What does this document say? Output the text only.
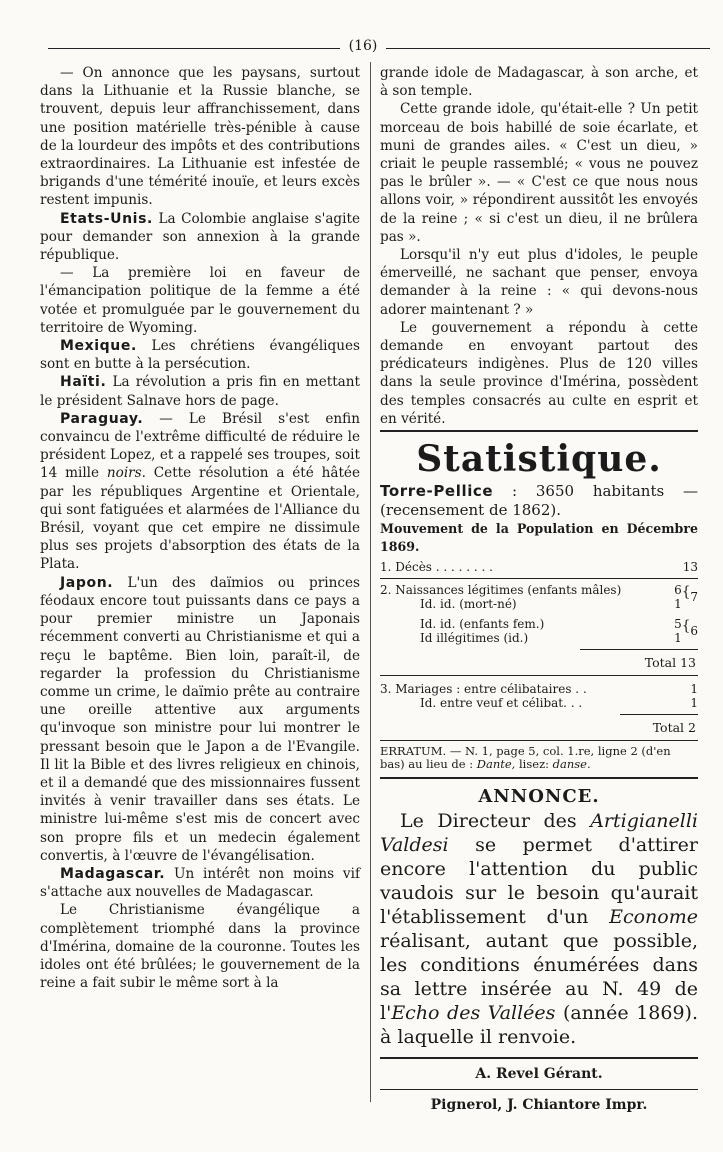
(16)

— On annonce que les paysans, surtout dans la Lithuanie et la Russie blanche, se trouvent, depuis leur affranchissement, dans une position matérielle très-pénible à cause de la lourdeur des impôts et des contributions extraordinaires. La Lithuanie est infestée de brigands d'une témérité inouïe, et leurs excès restent impunis.

Etats-Unis. La Colombie anglaise s'agite pour demander son annexion à la grande république.

— La première loi en faveur de l'émancipation politique de la femme a été votée et promulguée par le gouvernement du territoire de Wyoming.

Mexique. Les chrétiens évangéliques sont en butte à la persécution.

Haïti. La révolution a pris fin en mettant le président Salnave hors de page.

Paraguay. — Le Brésil s'est enfin convaincu de l'extrême difficulté de réduire le président Lopez, et a rappelé ses troupes, soit 14 mille noirs. Cette résolution a été hâtée par les républiques Argentine et Orientale, qui sont fatiguées et alarmées de l'Alliance du Brésil, voyant que cet empire ne dissimule plus ses projets d'absorption des états de la Plata.

Japon. L'un des daïmios ou princes féodaux encore tout puissants dans ce pays a pour premier ministre un Japonais récemment converti au Christianisme et qui a reçu le baptême. Bien loin, paraît-il, de regarder la profession du Christianisme comme un crime, le daïmio prête au contraire une oreille attentive aux arguments qu'invoque son ministre pour lui montrer le pressant besoin que le Japon a de l'Evangile. Il lit la Bible et des livres religieux en chinois, et il a demandé que des missionnaires fussent invités à venir travailler dans ses états. Le ministre lui-même s'est mis de concert avec son propre fils et un medecin également convertis, à l'œuvre de l'évangélisation.

Madagascar. Un intérêt non moins vif s'attache aux nouvelles de Madagascar.

Le Christianisme évangélique a complètement triomphé dans la province d'Imérina, domaine de la couronne. Toutes les idoles ont été brûlées; le gouvernement de la reine a fait subir le même sort à la

grande idole de Madagascar, à son arche, et à son temple.

Cette grande idole, qu'était-elle ? Un petit morceau de bois habillé de soie écarlate, et muni de grandes ailes. « C'est un dieu, » criait le peuple rassemblé; « vous ne pouvez pas le brûler ». — « C'est ce que nous nous allons voir, » répondirent aussitôt les envoyés de la reine ; « si c'est un dieu, il ne brûlera pas ».

Lorsqu'il n'y eut plus d'idoles, le peuple émerveillé, ne sachant que penser, envoya demander à la reine : « qui devons-nous adorer maintenant ? »

Le gouvernement a répondu à cette demande en envoyant partout des prédicateurs indigènes. Plus de 120 villes dans la seule province d'Imérina, possèdent des temples consacrés au culte en esprit et en vérité.

Statistique.

Torre-Pellice : 3650 habitants — (recensement de 1862).

Mouvement de la Population en Décembre 1869.

1. Décès . . . . . . . .	13
2. Naissances légitimes (enfants mâles)	6
Id. id. (mort-né)	1
{ 7
Id. id. (enfants fem.)	5
Id illégitimes (id.)	1
{ 6
Total 13
3. Mariages : entre célibataires . .	1
Id. entre veuf et célibat. . .	1
Total 2

ERRATUM. — N. 1, page 5, col. 1.re, ligne 2 (d'en bas) au lieu de : Dante, lisez: danse.

ANNONCE.

Le Directeur des Artigianelli Valdesi se permet d'attirer encore l'attention du public vaudois sur le besoin qu'aurait l'établissement d'un Econome réalisant, autant que possible, les conditions énumérées dans sa lettre insérée au N. 49 de l'Echo des Vallées (année 1869). à laquelle il renvoie.

A. Revel Gérant.
Pignerol, J. Chiantore Impr.
